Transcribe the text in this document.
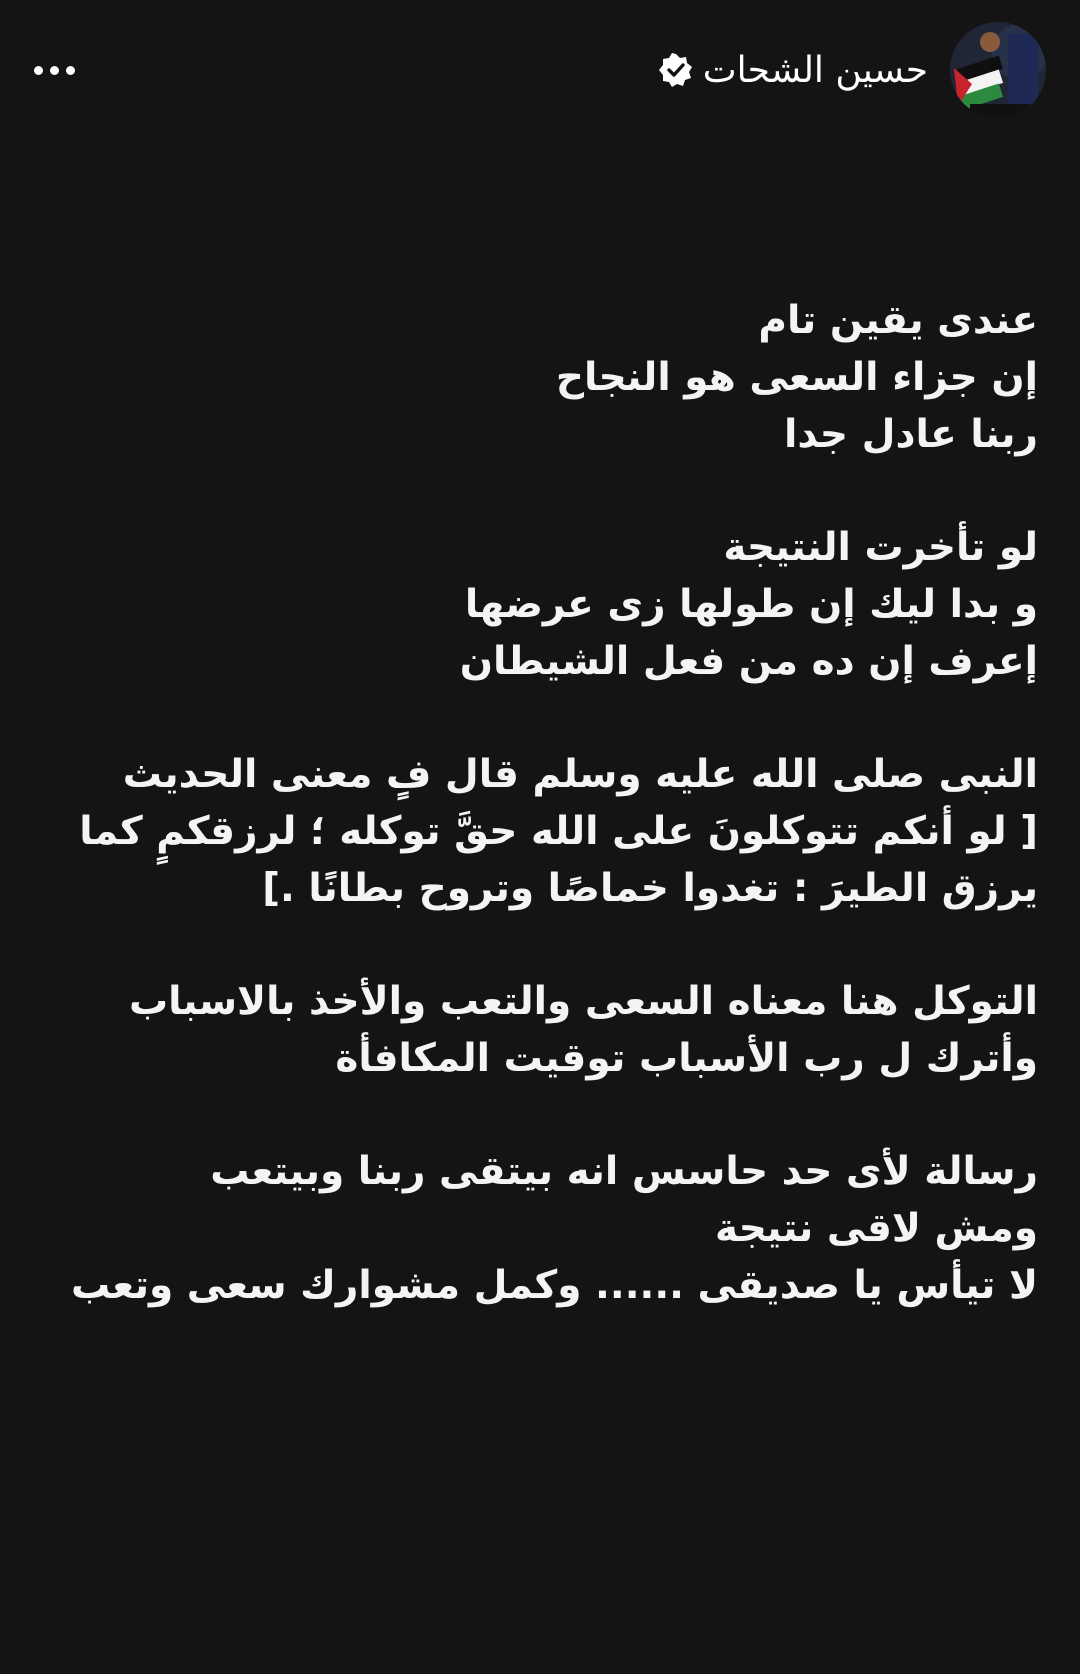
حسين الشحات
عندى يقين تام
إن جزاء السعى هو النجاح
ربنا عادل جدا
لو تأخرت النتيجة
و بدا ليك إن طولها زى عرضها
إعرف إن ده من فعل الشيطان
النبى صلى الله عليه وسلم قال فٍ معنى الحديث
[ لو أنكم تتوكلونَ على الله حقَّ توكله ؛ لرزقكمٍ كما
يرزق الطيرَ : تغدوا خماصًا وتروح بطانًا .]
التوكل هنا معناه السعى والتعب والأخذ بالاسباب
وأترك ل رب الأسباب توقيت المكافأة
رسالة لأى حد حاسس انه بيتقى ربنا وبيتعب
ومش لاقى نتيجة
لا تيأس يا صديقى ...... وكمل مشوارك سعى وتعب
